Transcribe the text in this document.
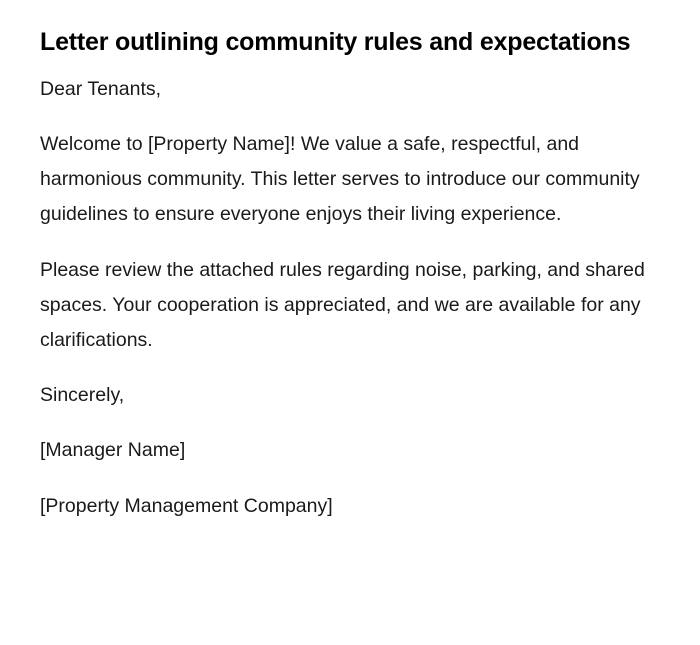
Letter outlining community rules and expectations

Dear Tenants,

Welcome to [Property Name]! We value a safe, respectful, and harmonious community. This letter serves to introduce our community guidelines to ensure everyone enjoys their living experience.

Please review the attached rules regarding noise, parking, and shared spaces. Your cooperation is appreciated, and we are available for any clarifications.

Sincerely,

[Manager Name]

[Property Management Company]
